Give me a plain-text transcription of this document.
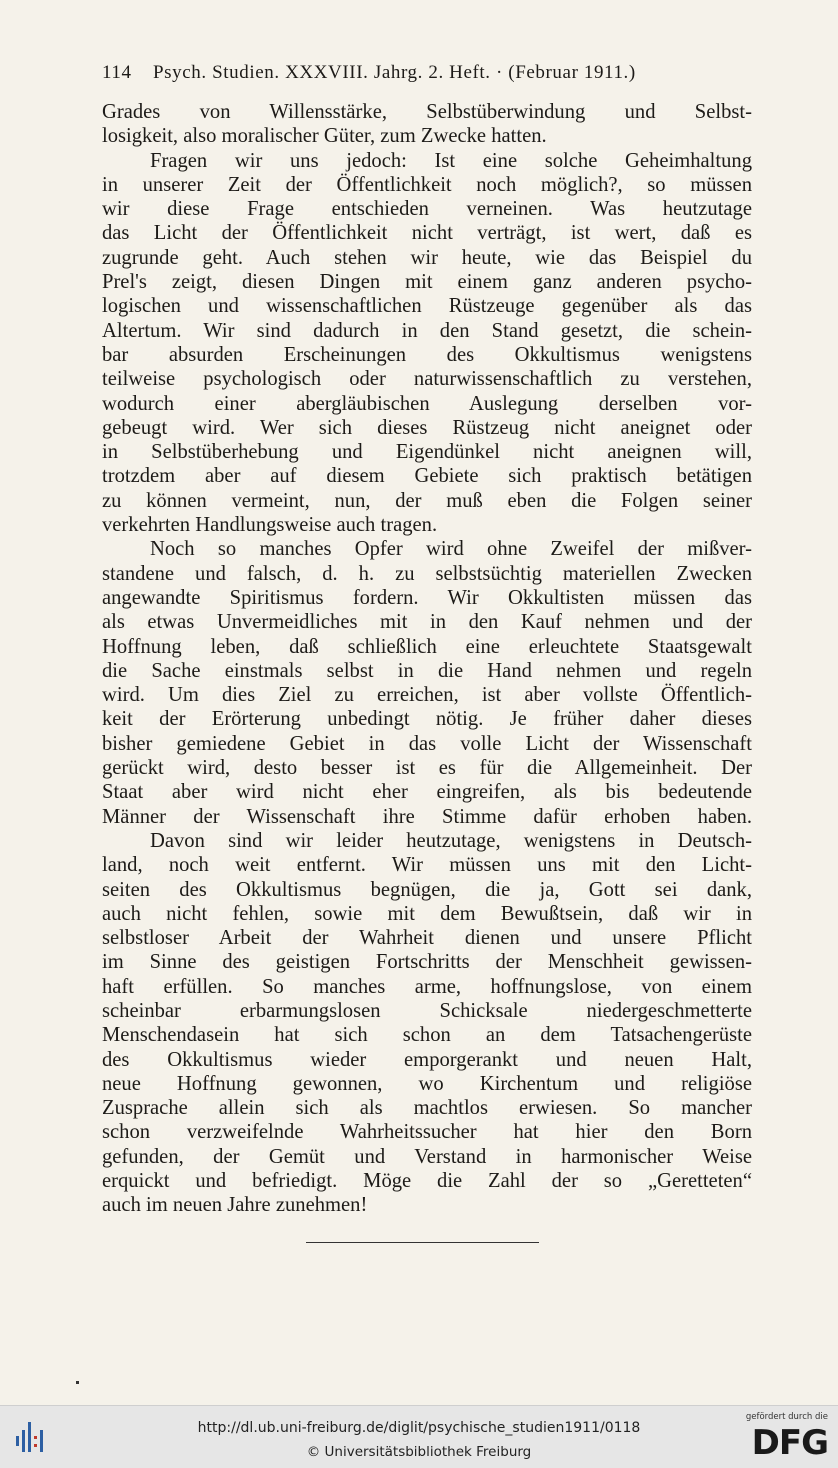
114 Psych. Studien. XXXVIII. Jahrg. 2. Heft. · (Februar 1911.)
Grades von Willensstärke, Selbstüberwindung und Selbst-
losigkeit, also moralischer Güter, zum Zwecke hatten.
Fragen wir uns jedoch: Ist eine solche Geheimhaltung
in unserer Zeit der Öffentlichkeit noch möglich?, so müssen
wir diese Frage entschieden verneinen. Was heutzutage
das Licht der Öffentlichkeit nicht verträgt, ist wert, daß es
zugrunde geht. Auch stehen wir heute, wie das Beispiel du
Prel's zeigt, diesen Dingen mit einem ganz anderen psycho-
logischen und wissenschaftlichen Rüstzeuge gegenüber als das
Altertum. Wir sind dadurch in den Stand gesetzt, die schein-
bar absurden Erscheinungen des Okkultismus wenigstens
teilweise psychologisch oder naturwissenschaftlich zu verstehen,
wodurch einer abergläubischen Auslegung derselben vor-
gebeugt wird. Wer sich dieses Rüstzeug nicht aneignet oder
in Selbstüberhebung und Eigendünkel nicht aneignen will,
trotzdem aber auf diesem Gebiete sich praktisch betätigen
zu können vermeint, nun, der muß eben die Folgen seiner
verkehrten Handlungsweise auch tragen.
Noch so manches Opfer wird ohne Zweifel der mißver-
standene und falsch, d. h. zu selbstsüchtig materiellen Zwecken
angewandte Spiritismus fordern. Wir Okkultisten müssen das
als etwas Unvermeidliches mit in den Kauf nehmen und der
Hoffnung leben, daß schließlich eine erleuchtete Staatsgewalt
die Sache einstmals selbst in die Hand nehmen und regeln
wird. Um dies Ziel zu erreichen, ist aber vollste Öffentlich-
keit der Erörterung unbedingt nötig. Je früher daher dieses
bisher gemiedene Gebiet in das volle Licht der Wissenschaft
gerückt wird, desto besser ist es für die Allgemeinheit. Der
Staat aber wird nicht eher eingreifen, als bis bedeutende
Männer der Wissenschaft ihre Stimme dafür erhoben haben.
Davon sind wir leider heutzutage, wenigstens in Deutsch-
land, noch weit entfernt. Wir müssen uns mit den Licht-
seiten des Okkultismus begnügen, die ja, Gott sei dank,
auch nicht fehlen, sowie mit dem Bewußtsein, daß wir in
selbstloser Arbeit der Wahrheit dienen und unsere Pflicht
im Sinne des geistigen Fortschritts der Menschheit gewissen-
haft erfüllen. So manches arme, hoffnungslose, von einem
scheinbar erbarmungslosen Schicksale niedergeschmetterte
Menschendasein hat sich schon an dem Tatsachengerüste
des Okkultismus wieder emporgerankt und neuen Halt,
neue Hoffnung gewonnen, wo Kirchentum und religiöse
Zusprache allein sich als machtlos erwiesen. So mancher
schon verzweifelnde Wahrheitssucher hat hier den Born
gefunden, der Gemüt und Verstand in harmonischer Weise
erquickt und befriedigt. Möge die Zahl der so „Geretteten“
auch im neuen Jahre zunehmen!
http://dl.ub.uni-freiburg.de/diglit/psychische_studien1911/0118
© Universitätsbibliothek Freiburg
gefördert durch die
DFG
